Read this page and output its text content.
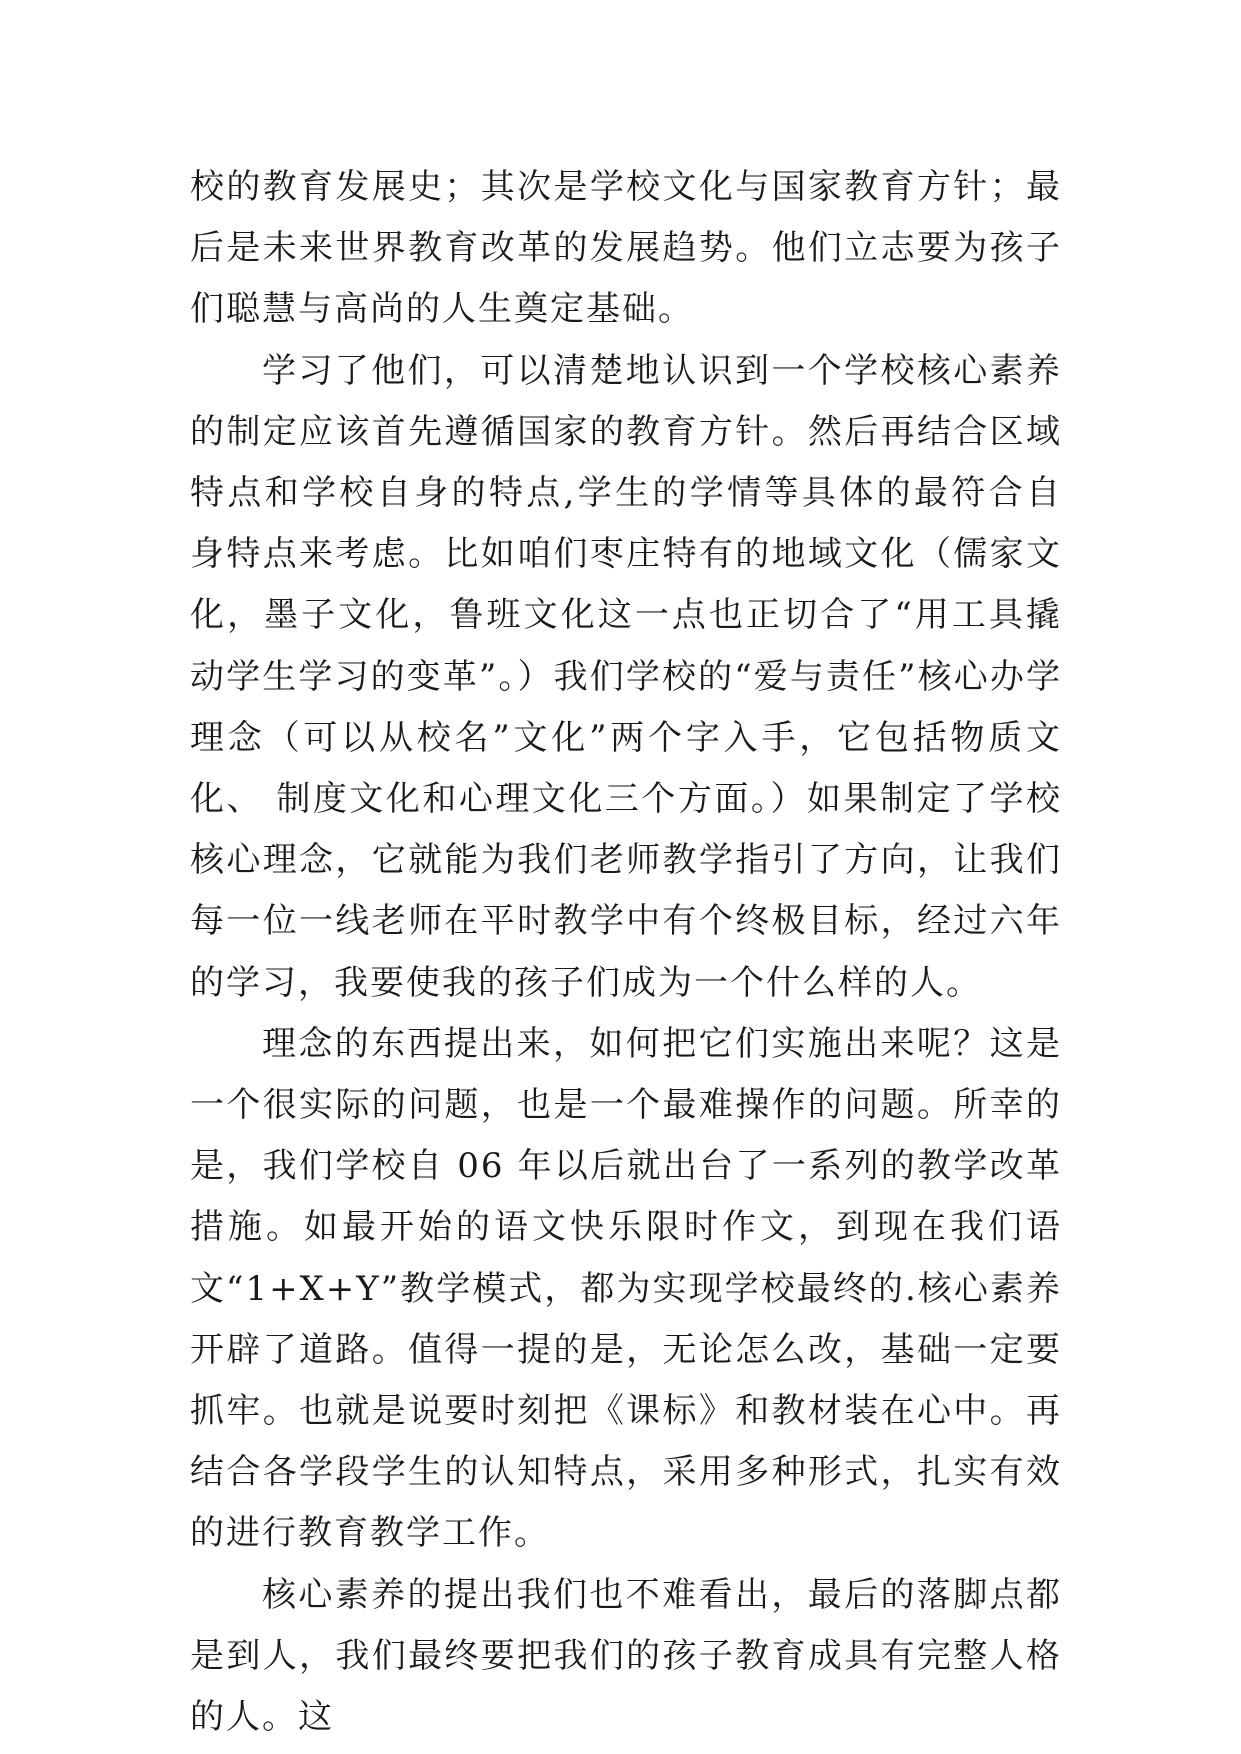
校的教育发展史；其次是学校文化与国家教育方针；最后是未来世界教育改革的发展趋势。他们立志要为孩子们聪慧与高尚的人生奠定基础。

学习了他们，可以清楚地认识到一个学校核心素养的制定应该首先遵循国家的教育方针。然后再结合区域特点和学校自身的特点,学生的学情等具体的最符合自身特点来考虑。比如咱们枣庄特有的地域文化（儒家文化，墨子文化，鲁班文化这一点也正切合了“用工具撬动学生学习的变革”。）我们学校的“爱与责任”核心办学理念（可以从校名”文化”两个字入手，它包括物质文化、 制度文化和心理文化三个方面。）如果制定了学校核心理念，它就能为我们老师教学指引了方向，让我们每一位一线老师在平时教学中有个终极目标，经过六年的学习，我要使我的孩子们成为一个什么样的人。

理念的东西提出来，如何把它们实施出来呢？这是一个很实际的问题，也是一个最难操作的问题。所幸的是，我们学校自 06 年以后就出台了一系列的教学改革措施。如最开始的语文快乐限时作文，到现在我们语文“1+X+Y”教学模式，都为实现学校最终的.核心素养开辟了道路。值得一提的是，无论怎么改，基础一定要抓牢。也就是说要时刻把《课标》和教材装在心中。再结合各学段学生的认知特点，采用多种形式，扎实有效的进行教育教学工作。

核心素养的提出我们也不难看出，最后的落脚点都是到人，我们最终要把我们的孩子教育成具有完整人格的人。这
